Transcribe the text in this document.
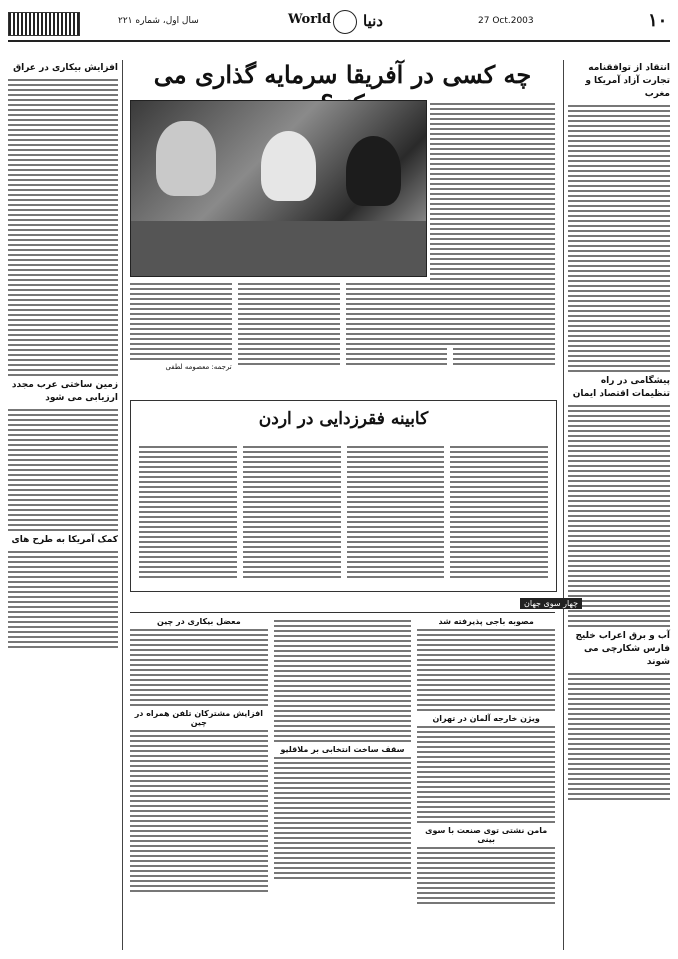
سال اول، شماره ۲۲۱	World دنیا	27 Oct.2003	۱۰
انتقاد از توافقنامه تجارت آزاد آمریکا و مغرب
پیشگامی در راه تنظیمات اقتصاد ایمان
آب و برق اعراب خلیج فارس شکارچی می شوند
افزایش بیکاری در عراق
زمین ساختی عرب مجدد ارزیابی می شود
کمک آمریکا به طرح های
چه کسی در آفریقا سرمایه گذاری می
ترجمه: معصومه لطفی
کابینه فقرزدایی در اردن
چهار سوی جهان
معضل بیکاری در چین
افزایش مشترکان تلفن همراه در چین
سقف ساخت انتخابی بر ملاقلیو
مصوبه باجی پذیرفته شد
ویژن خارجه آلمان در تهران
مامن نشتی توی صنعت با سوی بینی
